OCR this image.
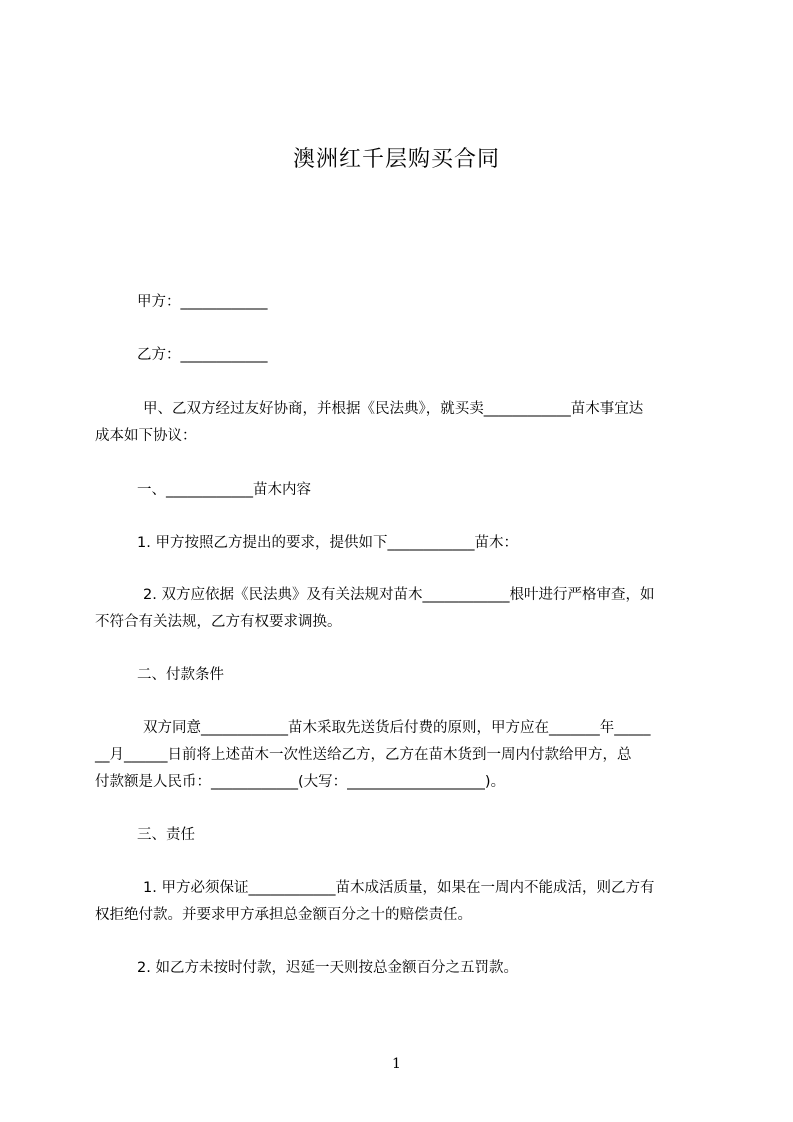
澳洲红千层购买合同
甲方：____________
乙方：____________
甲、乙双方经过友好协商，并根据《民法典》，就买卖____________苗木事宜达
成本如下协议：
一、____________苗木内容
1. 甲方按照乙方提出的要求，提供如下____________苗木：
2. 双方应依据《民法典》及有关法规对苗木____________根叶进行严格审查，如
不符合有关法规，乙方有权要求调换。
二、付款条件
双方同意____________苗木采取先送货后付费的原则，甲方应在_______年_____
__月______日前将上述苗木一次性送给乙方，乙方在苗木货到一周内付款给甲方，总
付款额是人民币：____________(大写：___________________)。
三、责任
1. 甲方必须保证____________苗木成活质量，如果在一周内不能成活，则乙方有
权拒绝付款。并要求甲方承担总金额百分之十的赔偿责任。
2. 如乙方未按时付款，迟延一天则按总金额百分之五罚款。
1
